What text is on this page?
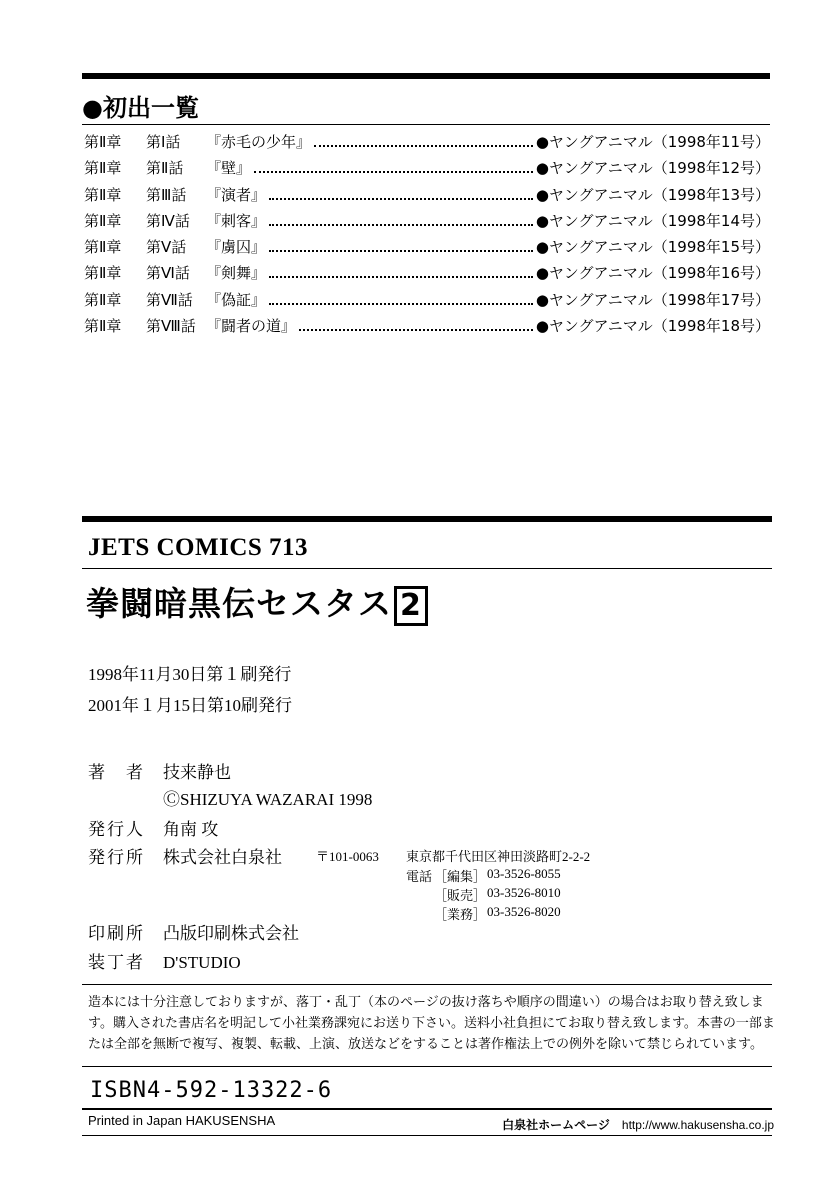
●初出一覧
第Ⅱ章	第Ⅰ話	『赤毛の少年』	●ヤングアニマル（1998年11号）
第Ⅱ章	第Ⅱ話	『壁』	●ヤングアニマル（1998年12号）
第Ⅱ章	第Ⅲ話	『演者』	●ヤングアニマル（1998年13号）
第Ⅱ章	第Ⅳ話	『刺客』	●ヤングアニマル（1998年14号）
第Ⅱ章	第Ⅴ話	『虜囚』	●ヤングアニマル（1998年15号）
第Ⅱ章	第Ⅵ話	『剣舞』	●ヤングアニマル（1998年16号）
第Ⅱ章	第Ⅶ話 『偽証』	●ヤングアニマル（1998年17号）
第Ⅱ章	第Ⅷ話 『闘者の道』	●ヤングアニマル（1998年18号）
JETS COMICS 713
拳闘暗黒伝セスタス 2
1998年11月30日第１刷発行
2001年１月15日第10刷発行
著　者 技来静也
ⒸSHIZUYA WAZARAI 1998
発行人 角南 攻
発行所 株式会社白泉社	〒101-0063 東京都千代田区神田淡路町2-2-2
電話 ［編集］ 03-3526-8055
［販売］ 03-3526-8010
［業務］ 03-3526-8020
印刷所 凸版印刷株式会社
装丁者 D'STUDIO
造本には十分注意しておりますが、落丁・乱丁（本のページの抜け落ちや順序の間違い）の場合はお取り替え致します。購入された書店名を明記して小社業務課宛にお送り下さい。送料小社負担にてお取り替え致します。本書の一部または全部を無断で複写、複製、転載、上演、放送などをすることは著作権法上での例外を除いて禁じられています。
ISBN4-592-13322-6
Printed in Japan HAKUSENSHA	白泉社ホームページ http://www.hakusensha.co.jp
